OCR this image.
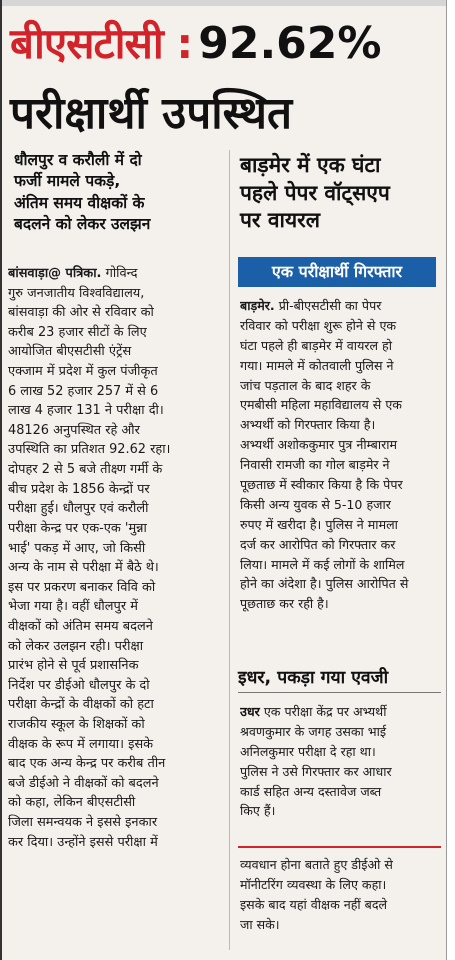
बीएसटीसी : 92.62%
परीक्षार्थी उपस्थित
धौलपुर व करौली में दो
फर्जी मामले पकड़े,
अंतिम समय वीक्षकों के
बदलने को लेकर उलझन
बांसवाड़ा@ पत्रिका. गोविन्द
गुरु जनजातीय विश्वविद्यालय,
बांसवाड़ा की ओर से रविवार को
करीब 23 हजार सीटों के लिए
आयोजित बीएसटीसी एंट्रेंस
एक्जाम में प्रदेश में कुल पंजीकृत
6 लाख 52 हजार 257 में से 6
लाख 4 हजार 131 ने परीक्षा दी।
48126 अनुपस्थित रहे और
उपस्थिति का प्रतिशत 92.62 रहा।
दोपहर 2 से 5 बजे तीक्ष्ण गर्मी के
बीच प्रदेश के 1856 केन्द्रों पर
परीक्षा हुई। धौलपुर एवं करौली
परीक्षा केन्द्र पर एक-एक 'मुन्ना
भाई' पकड़ में आए, जो किसी
अन्य के नाम से परीक्षा में बैठे थे।
इस पर प्रकरण बनाकर विवि को
भेजा गया है। वहीं धौलपुर में
वीक्षकों को अंतिम समय बदलने
को लेकर उलझन रही। परीक्षा
प्रारंभ होने से पूर्व प्रशासनिक
निर्देश पर डीईओ धौलपुर के दो
परीक्षा केन्द्रों के वीक्षकों को हटा
राजकीय स्कूल के शिक्षकों को
वीक्षक के रूप में लगाया। इसके
बाद एक अन्य केन्द्र पर करीब तीन
बजे डीईओ ने वीक्षकों को बदलने
को कहा, लेकिन बीएसटीसी
जिला समन्वयक ने इससे इनकार
कर दिया। उन्होंने इससे परीक्षा में
बाड़मेर में एक घंटा
पहले पेपर वॉट्सएप
पर वायरल
एक परीक्षार्थी गिरफ्तार
बाड़मेर. प्री-बीएसटीसी का पेपर
रविवार को परीक्षा शुरू होने से एक
घंटा पहले ही बाड़मेर में वायरल हो
गया। मामले में कोतवाली पुलिस ने
जांच पड़ताल के बाद शहर के
एमबीसी महिला महाविद्यालय से एक
अभ्यर्थी को गिरफ्तार किया है।
अभ्यर्थी अशोककुमार पुत्र नीम्बाराम
निवासी रामजी का गोल बाड़मेर ने
पूछताछ में स्वीकार किया है कि पेपर
किसी अन्य युवक से 5-10 हजार
रुपए में खरीदा है। पुलिस ने मामला
दर्ज कर आरोपित को गिरफ्तार कर
लिया। मामले में कई लोगों के शामिल
होने का अंदेशा है। पुलिस आरोपित से
पूछताछ कर रही है।
इधर, पकड़ा गया एवजी
उधर एक परीक्षा केंद्र पर अभ्यर्थी
श्रवणकुमार के जगह उसका भाई
अनिलकुमार परीक्षा दे रहा था।
पुलिस ने उसे गिरफ्तार कर आधार
कार्ड सहित अन्य दस्तावेज जब्त
किए हैं।
व्यवधान होना बताते हुए डीईओ से
मॉनीटरिंग व्यवस्था के लिए कहा।
इसके बाद यहां वीक्षक नहीं बदले
जा सके।
